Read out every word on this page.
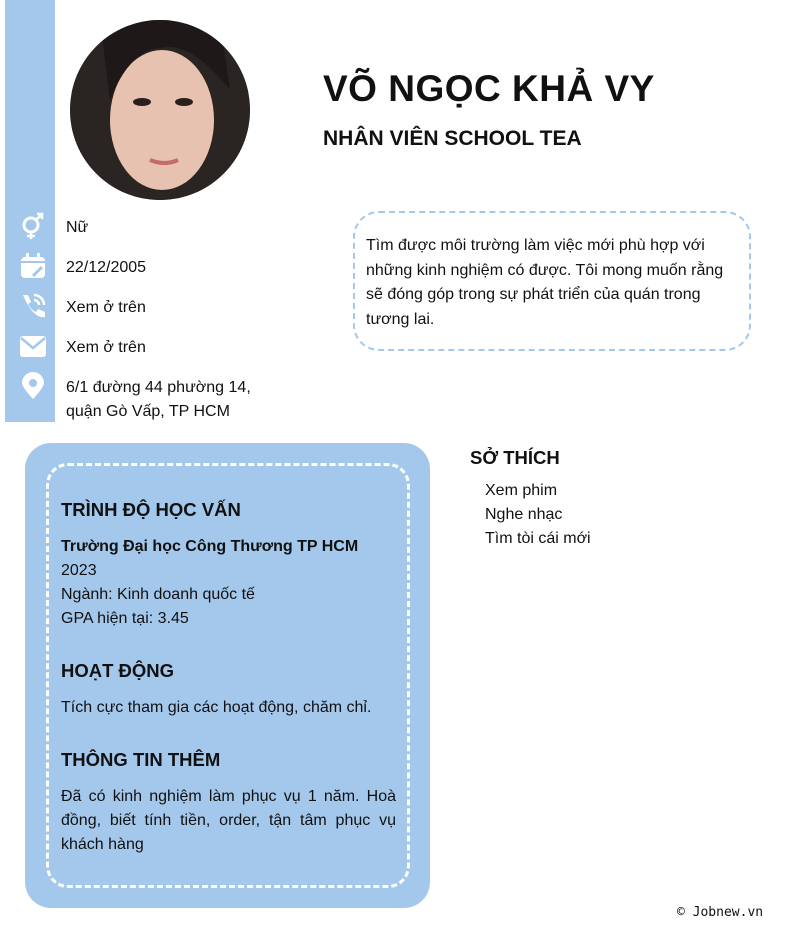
VÕ NGỌC KHẢ VY
NHÂN VIÊN SCHOOL TEA
Nữ
22/12/2005
Xem ở trên
Xem ở trên
6/1 đường 44 phường 14,
quận Gò Vấp, TP HCM
Tìm được môi trường làm việc mới phù hợp với những kinh nghiệm có được. Tôi mong muốn rằng sẽ đóng góp trong sự phát triển của quán trong tương lai.
TRÌNH ĐỘ HỌC VẤN
Trường Đại học Công Thương TP HCM
2023
Ngành: Kinh doanh quốc tế
GPA hiện tại: 3.45
HOẠT ĐỘNG
Tích cực tham gia các hoạt động, chăm chỉ.
THÔNG TIN THÊM
Đã có kinh nghiệm làm phục vụ 1 năm. Hoà đồng, biết tính tiền, order, tận tâm phục vụ khách hàng
SỞ THÍCH
Xem phim
Nghe nhạc
Tìm tòi cái mới
© Jobnew.vn
